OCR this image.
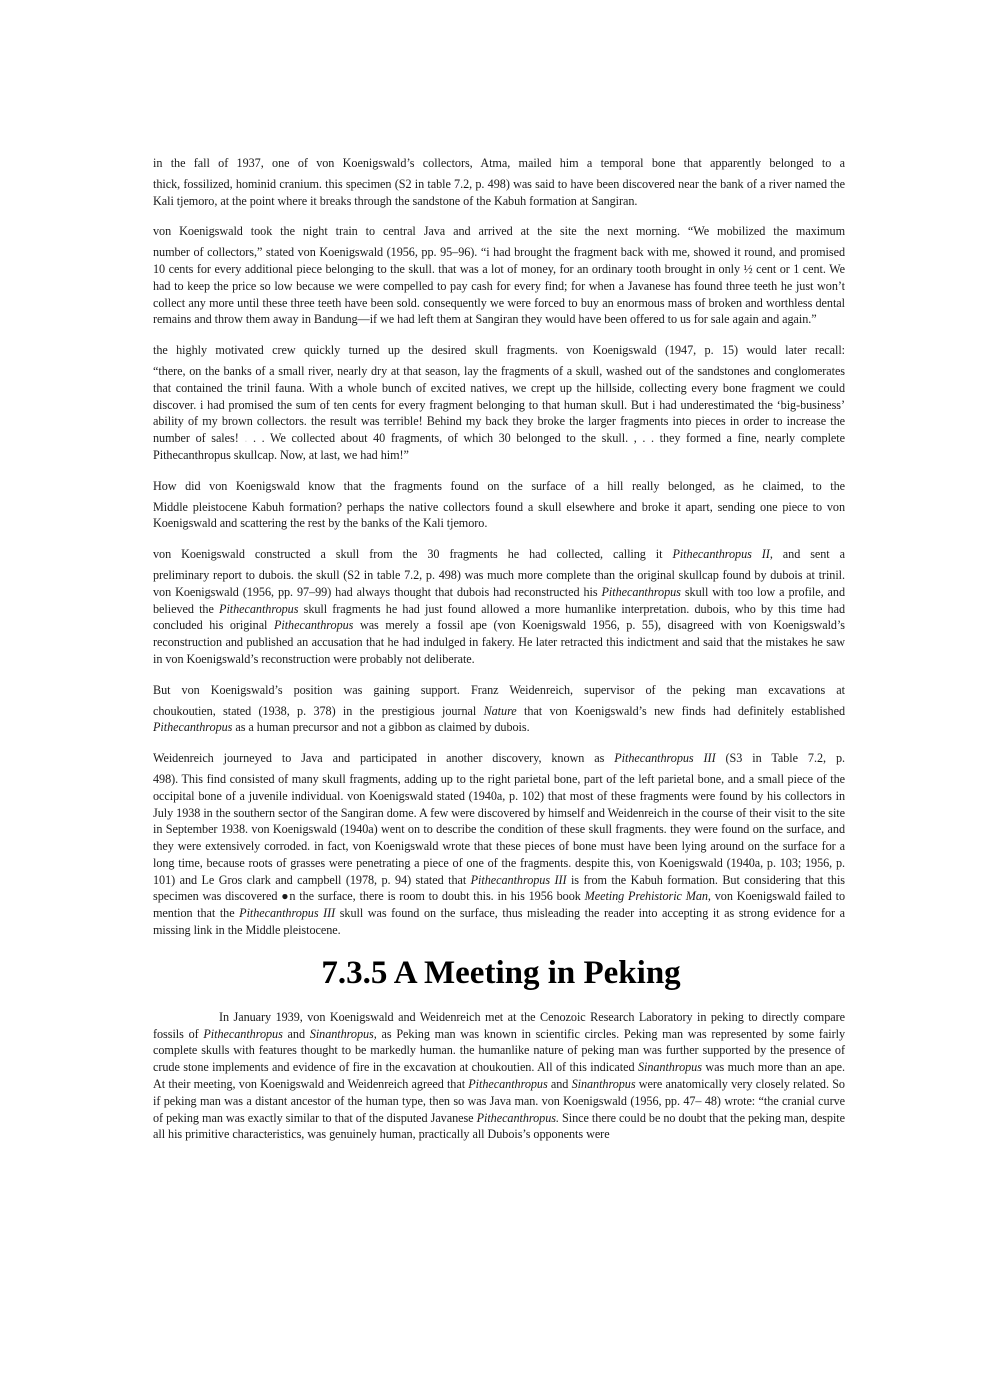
in the fall of 1937, one of von Koenigswald’s collectors, Atma, mailed him a temporal bone that apparently belonged to a
thick, fossilized, hominid cranium. this specimen (S2 in table 7.2, p. 498) was said to have been discovered near the bank of a river named the Kali tjemoro, at the point where it breaks through the sandstone of the Kabuh formation at Sangiran.

von Koenigswald took the night train to central Java and arrived at the site the next morning. “We mobilized the maximum
number of collectors,” stated von Koenigswald (1956, pp. 95–96). “i had brought the fragment back with me, showed it round, and promised 10 cents for every additional piece belonging to the skull. that was a lot of money, for an ordinary tooth brought in only ½ cent or 1 cent. We had to keep the price so low because we were compelled to pay cash for every find; for when a Javanese has found three teeth he just won’t collect any more until these three teeth have been sold. consequently we were forced to buy an enormous mass of broken and worthless dental remains and throw them away in Bandung—if we had left them at Sangiran they would have been offered to us for sale again and again.”

the highly motivated crew quickly turned up the desired skull fragments. von Koenigswald (1947, p. 15) would later recall:
“there, on the banks of a small river, nearly dry at that season, lay the fragments of a skull, washed out of the sandstones and conglomerates that contained the trinil fauna. With a whole bunch of excited natives, we crept up the hillside, collecting every bone fragment we could discover. i had promised the sum of ten cents for every fragment belonging to that human skull. But i had underestimated the ‘big-business’ ability of my brown collectors. the result was terrible! Behind my back they broke the larger fragments into pieces in order to increase the number of sales! . . . We collected about 40 fragments, of which 30 belonged to the skull. , . . they formed a fine, nearly complete Pithecanthropus skullcap. Now, at last, we had him!”

How did von Koenigswald know that the fragments found on the surface of a hill really belonged, as he claimed, to the
Middle pleistocene Kabuh formation? perhaps the native collectors found a skull elsewhere and broke it apart, sending one piece to von Koenigswald and scattering the rest by the banks of the Kali tjemoro.

von Koenigswald constructed a skull from the 30 fragments he had collected, calling it Pithecanthropus II, and sent a
preliminary report to dubois. the skull (S2 in table 7.2, p. 498) was much more complete than the original skullcap found by dubois at trinil. von Koenigswald (1956, pp. 97–99) had always thought that dubois had reconstructed his Pithecanthropus skull with too low a profile, and believed the Pithecanthropus skull fragments he had just found allowed a more humanlike interpretation. dubois, who by this time had concluded his original Pithecanthropus was merely a fossil ape (von Koenigswald 1956, p. 55), disagreed with von Koenigswald’s reconstruction and published an accusation that he had indulged in fakery. He later retracted this indictment and said that the mistakes he saw in von Koenigswald’s reconstruction were probably not deliberate.

But von Koenigswald’s position was gaining support. Franz Weidenreich, supervisor of the peking man excavations at
choukoutien, stated (1938, p. 378) in the prestigious journal Nature that von Koenigswald’s new finds had definitely established Pithecanthropus as a human precursor and not a gibbon as claimed by dubois.

Weidenreich journeyed to Java and participated in another discovery, known as Pithecanthropus III (S3 in Table 7.2, p.
498). This find consisted of many skull fragments, adding up to the right parietal bone, part of the left parietal bone, and a small piece of the occipital bone of a juvenile individual. von Koenigswald stated (1940a, p. 102) that most of these fragments were found by his collectors in July 1938 in the southern sector of the Sangiran dome. A few were discovered by himself and Weidenreich in the course of their visit to the site in September 1938. von Koenigswald (1940a) went on to describe the condition of these skull fragments. they were found on the surface, and they were extensively corroded. in fact, von Koenigswald wrote that these pieces of bone must have been lying around on the surface for a long time, because roots of grasses were penetrating a piece of one of the fragments. despite this, von Koenigswald (1940a, p. 103; 1956, p. 101) and Le Gros clark and campbell (1978, p. 94) stated that Pithecanthropus III is from the Kabuh formation. But considering that this specimen was discovered ●n the surface, there is room to doubt this. in his 1956 book Meeting Prehistoric Man, von Koenigswald failed to mention that the Pithecanthropus III skull was found on the surface, thus misleading the reader into accepting it as strong evidence for a missing link in the Middle pleistocene.

7.3.5 A Meeting in Peking

In January 1939, von Koenigswald and Weidenreich met at the Cenozoic Research Laboratory in peking to directly compare fossils of Pithecanthropus and Sinanthropus, as Peking man was known in scientific circles. Peking man was represented by some fairly complete skulls with features thought to be markedly human. the humanlike nature of peking man was further supported by the presence of crude stone implements and evidence of fire in the excavation at choukoutien. All of this indicated Sinanthropus was much more than an ape. At their meeting, von Koenigswald and Weidenreich agreed that Pithecanthropus and Sinanthropus were anatomically very closely related. So if peking man was a distant ancestor of the human type, then so was Java man. von Koenigswald (1956, pp. 47– 48) wrote: “the cranial curve of peking man was exactly similar to that of the disputed Javanese Pithecanthropus. Since there could be no doubt that the peking man, despite all his primitive characteristics, was genuinely human, practically all Dubois’s opponents were
